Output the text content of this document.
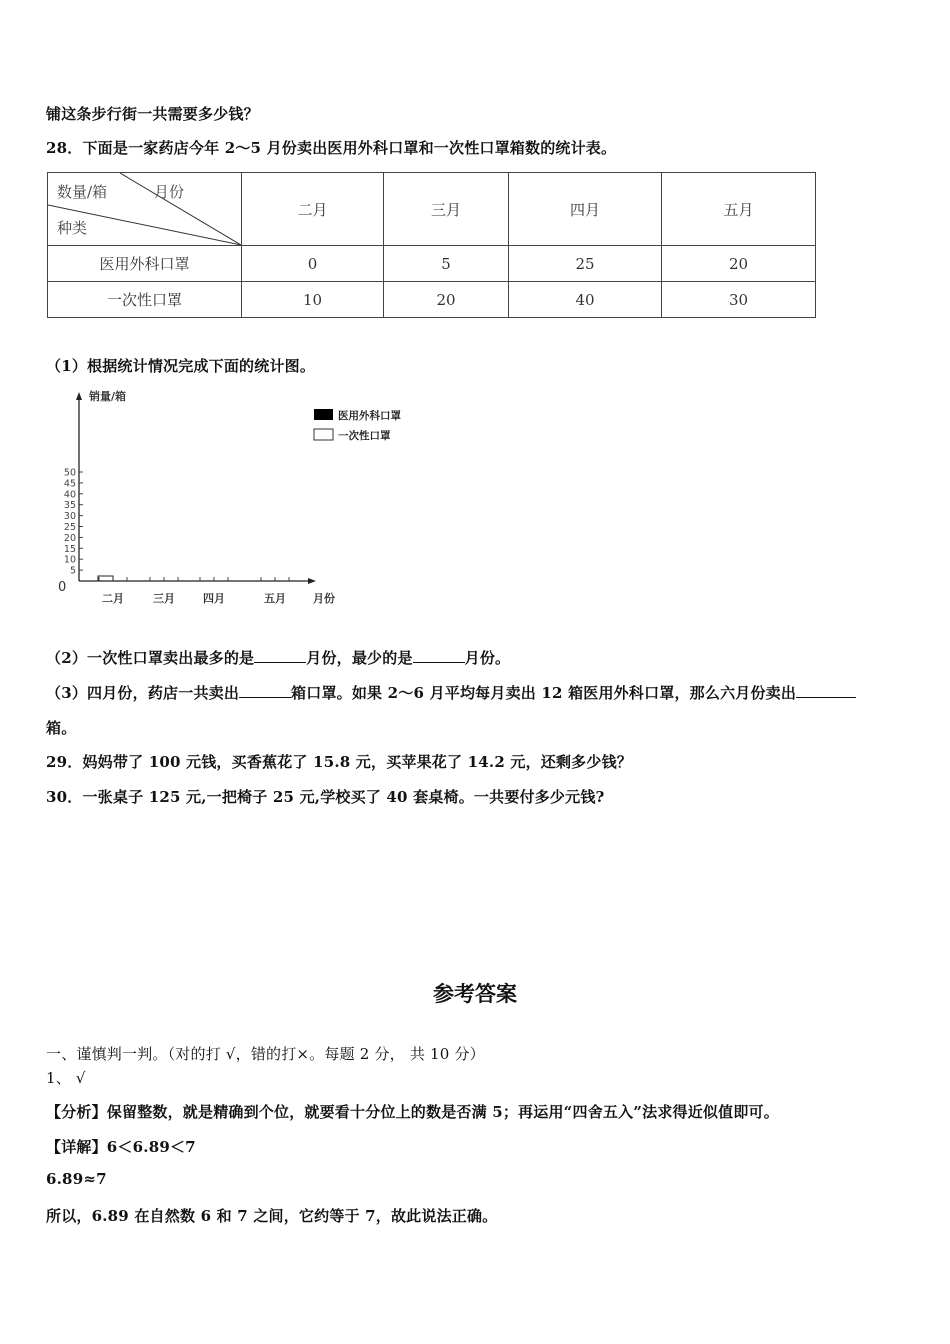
铺这条步行街一共需要多少钱？
28．下面是一家药店今年 2～5 月份卖出医用外科口罩和一次性口罩箱数的统计表。
数量/箱 月份
种类	二月	三月	四月	五月
医用外科口罩	0	5	25	20
一次性口罩	10	20	40	30
（1）根据统计情况完成下面的统计图。
5
10
15
20
25
30
35
40
45
50
二月	三月	四月	五月
销量/箱
月份
医用外科口罩
一次性口罩
0
（2）一次性口罩卖出最多的是	月份，最少的是	月份。
（3）四月份，药店一共卖出	箱口罩。如果 2～6 月平均每月卖出 12 箱医用外科口罩，那么六月份卖出
箱。
29．妈妈带了 100 元钱，买香蕉花了 15.8 元，买苹果花了 14.2 元，还剩多少钱？
30．一张桌子 125 元,一把椅子 25 元,学校买了 40 套桌椅。一共要付多少元钱?
参考答案
一、谨慎判一判。（对的打 √，错的打×。每题 2 分， 共 10 分）
1、 √
【分析】保留整数，就是精确到个位，就要看十分位上的数是否满 5；再运用“四舍五入”法求得近似值即可。
【详解】6＜6.89＜7
6.89≈7
所以，6.89 在自然数 6 和 7 之间，它约等于 7，故此说法正确。
